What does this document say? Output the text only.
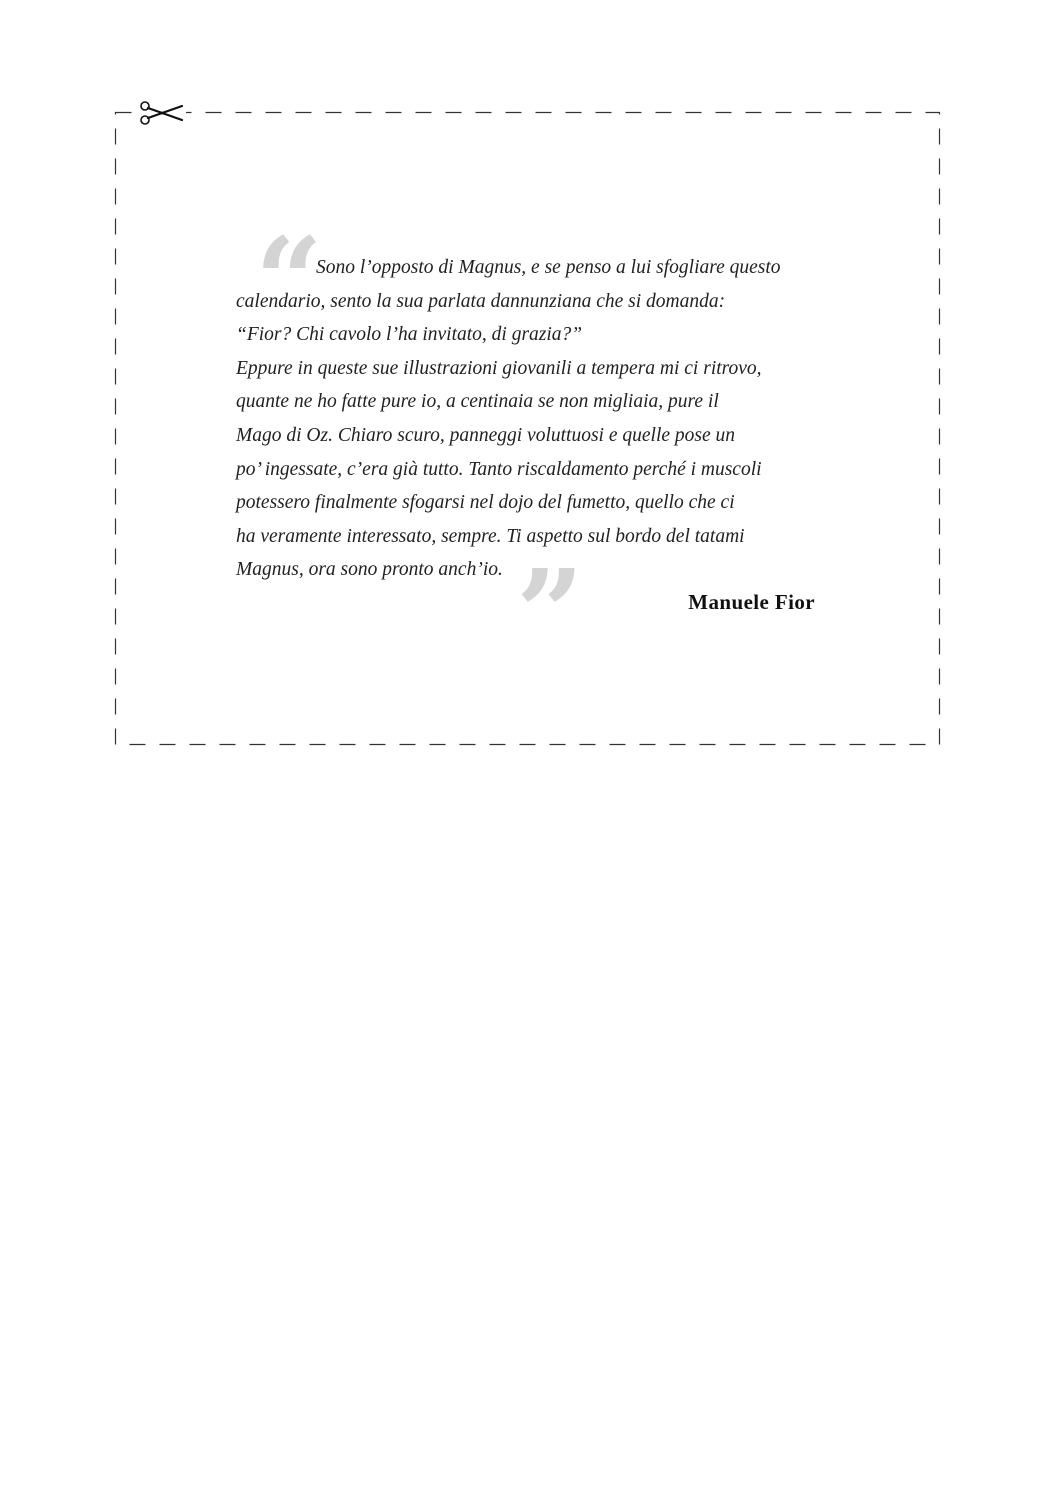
“

Sono l’opposto di Magnus, e se penso a lui sfogliare questo
calendario, sento la sua parlata dannunziana che si domanda:
“Fior? Chi cavolo l’ha invitato, di grazia?”
Eppure in queste sue illustrazioni giovanili a tempera mi ci ritrovo,
quante ne ho fatte pure io, a centinaia se non migliaia, pure il
Mago di Oz. Chiaro scuro, panneggi voluttuosi e quelle pose un
po’ ingessate, c’era già tutto. Tanto riscaldamento perché i muscoli
potessero finalmente sfogarsi nel dojo del fumetto, quello che ci
ha veramente interessato, sempre. Ti aspetto sul bordo del tatami
Magnus, ora sono pronto anch’io. ”	Manuele Fior
